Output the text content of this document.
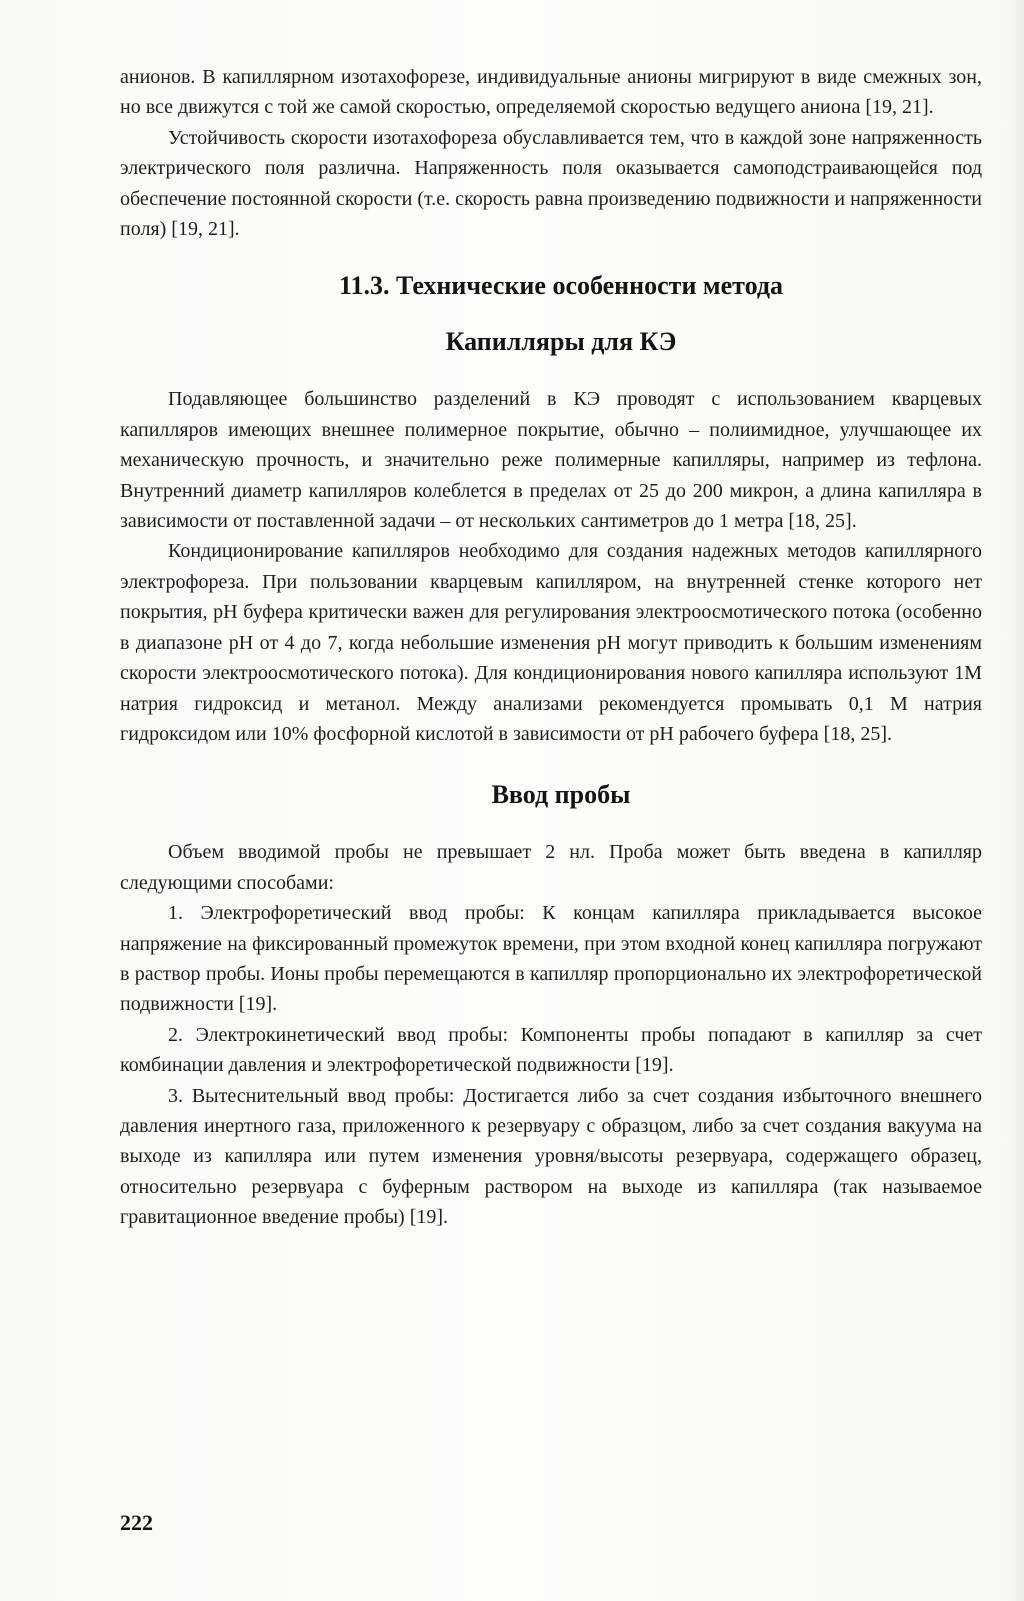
анионов. В капиллярном изотахофорезе, индивидуальные анионы мигрируют в виде смежных зон, но все движутся с той же самой скоростью, определяемой скоростью ведущего аниона [19, 21].

Устойчивость скорости изотахофореза обуславливается тем, что в каждой зоне напряженность электрического поля различна. Напряженность поля оказывается самоподстраивающейся под обеспечение постоянной скорости (т.е. скорость равна произведению подвижности и напряженности поля) [19, 21].

11.3. Технические особенности метода
Капилляры для КЭ

Подавляющее большинство разделений в КЭ проводят с использованием кварцевых капилляров имеющих внешнее полимерное покрытие, обычно – полиимидное, улучшающее их механическую прочность, и значительно реже полимерные капилляры, например из тефлона. Внутренний диаметр капилляров колеблется в пределах от 25 до 200 микрон, а длина капилляра в зависимости от поставленной задачи – от нескольких сантиметров до 1 метра [18, 25].

Кондиционирование капилляров необходимо для создания надежных методов капиллярного электрофореза. При пользовании кварцевым капилляром, на внутренней стенке которого нет покрытия, pH буфера критически важен для регулирования электроосмотического потока (особенно в диапазоне pH от 4 до 7, когда небольшие изменения pH могут приводить к большим изменениям скорости электроосмотического потока). Для кондиционирования нового капилляра используют 1М натрия гидроксид и метанол. Между анализами рекомендуется промывать 0,1 М натрия гидроксидом или 10% фосфорной кислотой в зависимости от pH рабочего буфера [18, 25].

Ввод пробы

Объем вводимой пробы не превышает 2 нл. Проба может быть введена в капилляр следующими способами:

1. Электрофоретический ввод пробы: К концам капилляра прикладывается высокое напряжение на фиксированный промежуток времени, при этом входной конец капилляра погружают в раствор пробы. Ионы пробы перемещаются в капилляр пропорционально их электрофоретической подвижности [19].

2. Электрокинетический ввод пробы: Компоненты пробы попадают в капилляр за счет комбинации давления и электрофоретической подвижности [19].

3. Вытеснительный ввод пробы: Достигается либо за счет создания избыточного внешнего давления инертного газа, приложенного к резервуару с образцом, либо за счет создания вакуума на выходе из капилляра или путем изменения уровня/высоты резервуара, содержащего образец, относительно резервуара с буферным раствором на выходе из капилляра (так называемое гравитационное введение пробы) [19].

222
